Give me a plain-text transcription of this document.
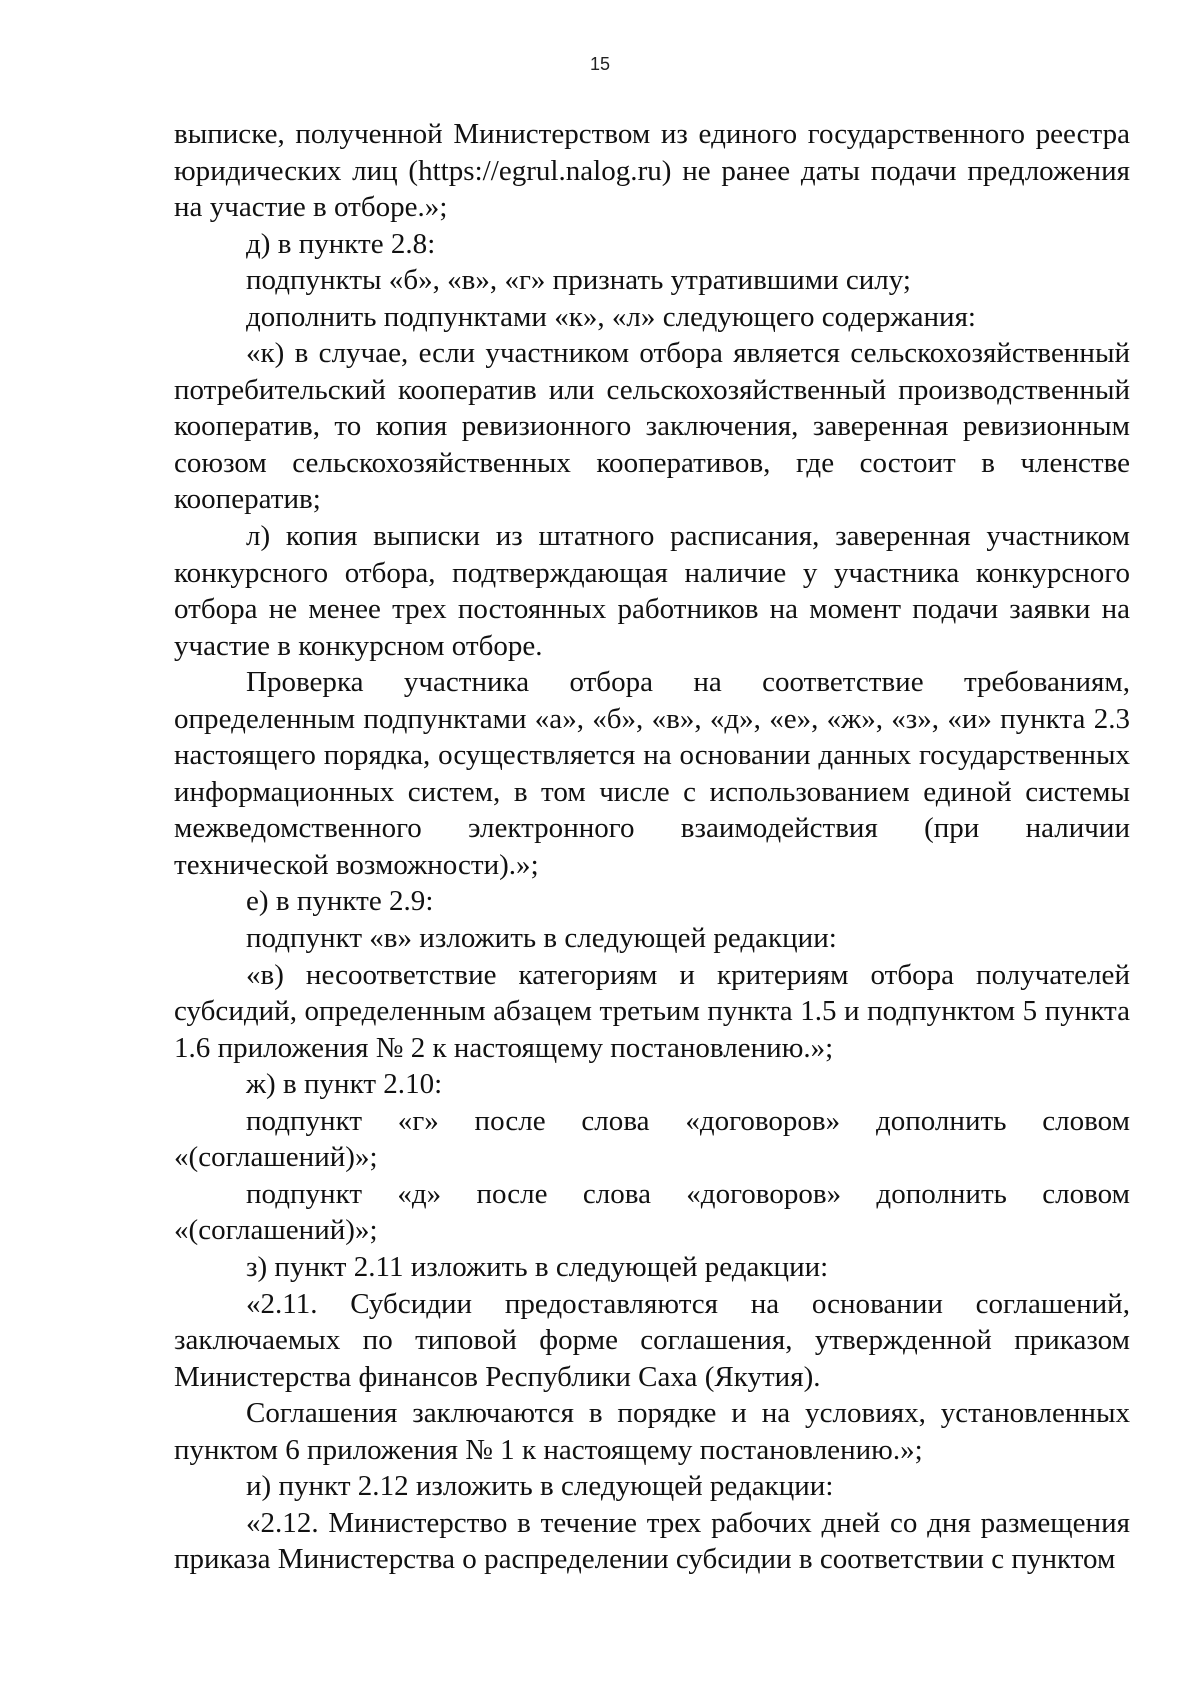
15

выписке, полученной Министерством из единого государственного реестра юридических лиц (https://egrul.nalog.ru) не ранее даты подачи предложения на участие в отборе.»;

д) в пункте 2.8:

подпункты «б», «в», «г» признать утратившими силу;

дополнить подпунктами «к», «л» следующего содержания:

«к) в случае, если участником отбора является сельскохозяйственный потребительский кооператив или сельскохозяйственный производственный кооператив, то копия ревизионного заключения, заверенная ревизионным союзом сельскохозяйственных кооперативов, где состоит в членстве кооператив;

л) копия выписки из штатного расписания, заверенная участником конкурсного отбора, подтверждающая наличие у участника конкурсного отбора не менее трех постоянных работников на момент подачи заявки на участие в конкурсном отборе.

Проверка участника отбора на соответствие требованиям, определенным подпунктами «а», «б», «в», «д», «е», «ж», «з», «и» пункта 2.3 настоящего порядка, осуществляется на основании данных государственных информационных систем, в том числе с использованием единой системы межведомственного электронного взаимодействия (при наличии технической возможности).»;

е) в пункте 2.9:

подпункт «в» изложить в следующей редакции:

«в) несоответствие категориям и критериям отбора получателей субсидий, определенным абзацем третьим пункта 1.5 и подпунктом 5 пункта 1.6 приложения № 2 к настоящему постановлению.»;

ж) в пункт 2.10:

подпункт «г» после слова «договоров» дополнить словом «(соглашений)»;

подпункт «д» после слова «договоров» дополнить словом «(соглашений)»;

з) пункт 2.11 изложить в следующей редакции:

«2.11. Субсидии предоставляются на основании соглашений, заключаемых по типовой форме соглашения, утвержденной приказом Министерства финансов Республики Саха (Якутия).

Соглашения заключаются в порядке и на условиях, установленных пунктом 6 приложения № 1 к настоящему постановлению.»;

и) пункт 2.12 изложить в следующей редакции:

«2.12. Министерство в течение трех рабочих дней со дня размещения приказа Министерства о распределении субсидии в соответствии с пунктом
